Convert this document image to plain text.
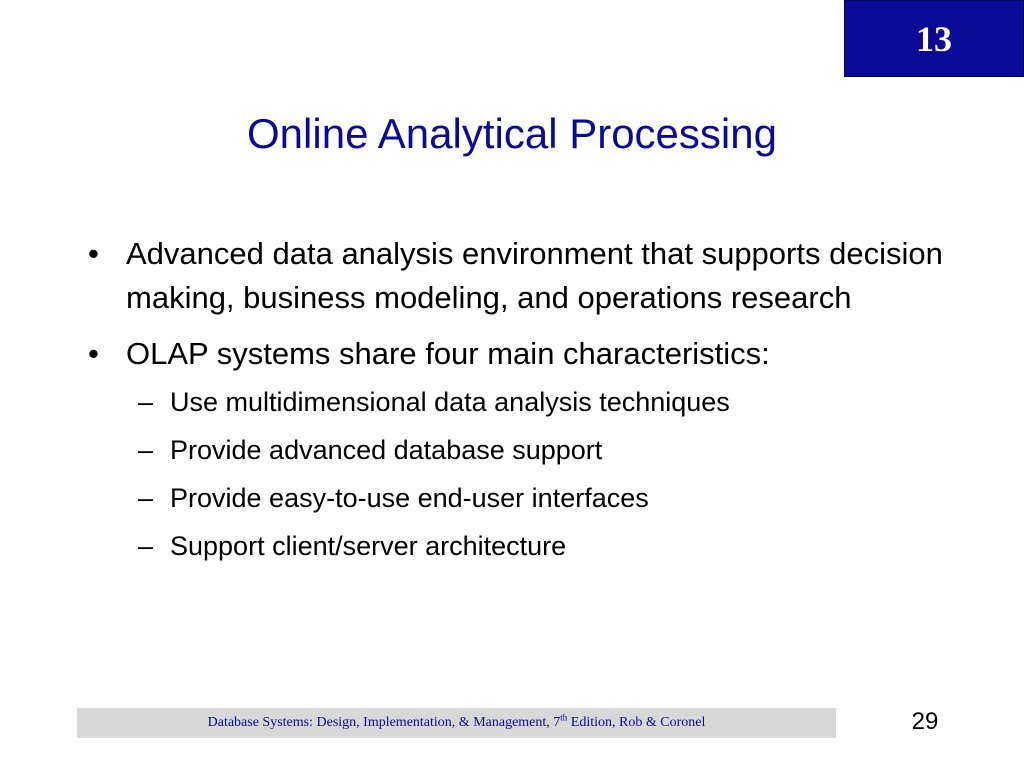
13
Online Analytical Processing
• Advanced data analysis environment that supports decision making, business modeling, and operations research
• OLAP systems share four main characteristics:
– Use multidimensional data analysis techniques
– Provide advanced database support
– Provide easy-to-use end-user interfaces
– Support client/server architecture
Database Systems: Design, Implementation, & Management, 7th Edition, Rob & Coronel	29
